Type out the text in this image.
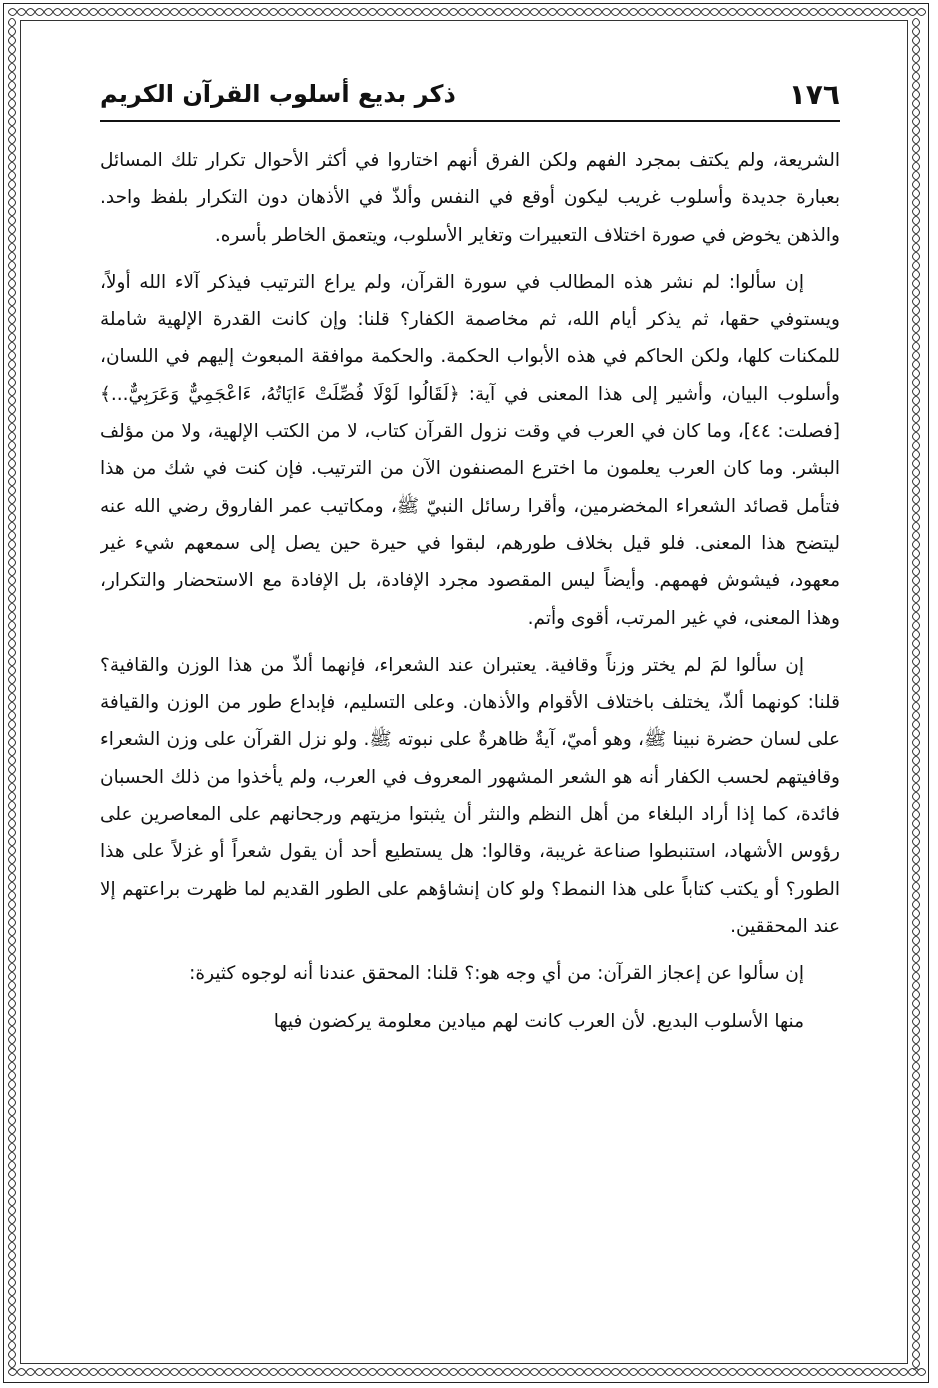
١٧٦
ذكر بديع أسلوب القرآن الكريم

الشريعة، ولم يكتف بمجرد الفهم ولكن الفرق أنهم اختاروا في أكثر الأحوال تكرار تلك المسائل بعبارة جديدة وأسلوب غريب ليكون أوقع في النفس وألذّ في الأذهان دون التكرار بلفظ واحد. والذهن يخوض في صورة اختلاف التعبيرات وتغاير الأسلوب، ويتعمق الخاطر بأسره.

إن سألوا: لم نشر هذه المطالب في سورة القرآن، ولم يراع الترتيب فيذكر آلاء الله أولاً، ويستوفي حقها، ثم يذكر أيام الله، ثم مخاصمة الكفار؟ قلنا: وإن كانت القدرة الإلهية شاملة للمكنات كلها، ولكن الحاكم في هذه الأبواب الحكمة. والحكمة موافقة المبعوث إليهم في اللسان، وأسلوب البيان، وأشير إلى هذا المعنى في آية: ﴿لَقَالُوا لَوْلَا فُصِّلَتْ ءَايَاتُهُ، ءَاعْجَمِيٌّ وَعَرَبِيٌّ...﴾ [فصلت: ٤٤]، وما كان في العرب في وقت نزول القرآن كتاب، لا من الكتب الإلهية، ولا من مؤلف البشر. وما كان العرب يعلمون ما اخترع المصنفون الآن من الترتيب. فإن كنت في شك من هذا فتأمل قصائد الشعراء المخضرمين، وأقرا رسائل النبيّ ﷺ، ومكاتيب عمر الفاروق رضي الله عنه ليتضح هذا المعنى. فلو قيل بخلاف طورهم، لبقوا في حيرة حين يصل إلى سمعهم شيء غير معهود، فيشوش فهمهم. وأيضاً ليس المقصود مجرد الإفادة، بل الإفادة مع الاستحضار والتكرار، وهذا المعنى، في غير المرتب، أقوى وأتم.

إن سألوا لمَ لم يختر وزناً وقافية. يعتبران عند الشعراء، فإنهما ألذّ من هذا الوزن والقافية؟ قلنا: كونهما ألذّ، يختلف باختلاف الأقوام والأذهان. وعلى التسليم، فإبداع طور من الوزن والقيافة على لسان حضرة نبينا ﷺ، وهو أميّ، آيةٌ ظاهرةٌ على نبوته ﷺ. ولو نزل القرآن على وزن الشعراء وقافيتهم لحسب الكفار أنه هو الشعر المشهور المعروف في العرب، ولم يأخذوا من ذلك الحسبان فائدة، كما إذا أراد البلغاء من أهل النظم والنثر أن يثبتوا مزيتهم ورجحانهم على المعاصرين على رؤوس الأشهاد، استنبطوا صناعة غريبة، وقالوا: هل يستطيع أحد أن يقول شعراً أو غزلاً على هذا الطور؟ أو يكتب كتاباً على هذا النمط؟ ولو كان إنشاؤهم على الطور القديم لما ظهرت براعتهم إلا عند المحققين.

إن سألوا عن إعجاز القرآن: من أي وجه هو:؟ قلنا: المحقق عندنا أنه لوجوه كثيرة:

منها الأسلوب البديع. لأن العرب كانت لهم ميادين معلومة يركضون فيها
